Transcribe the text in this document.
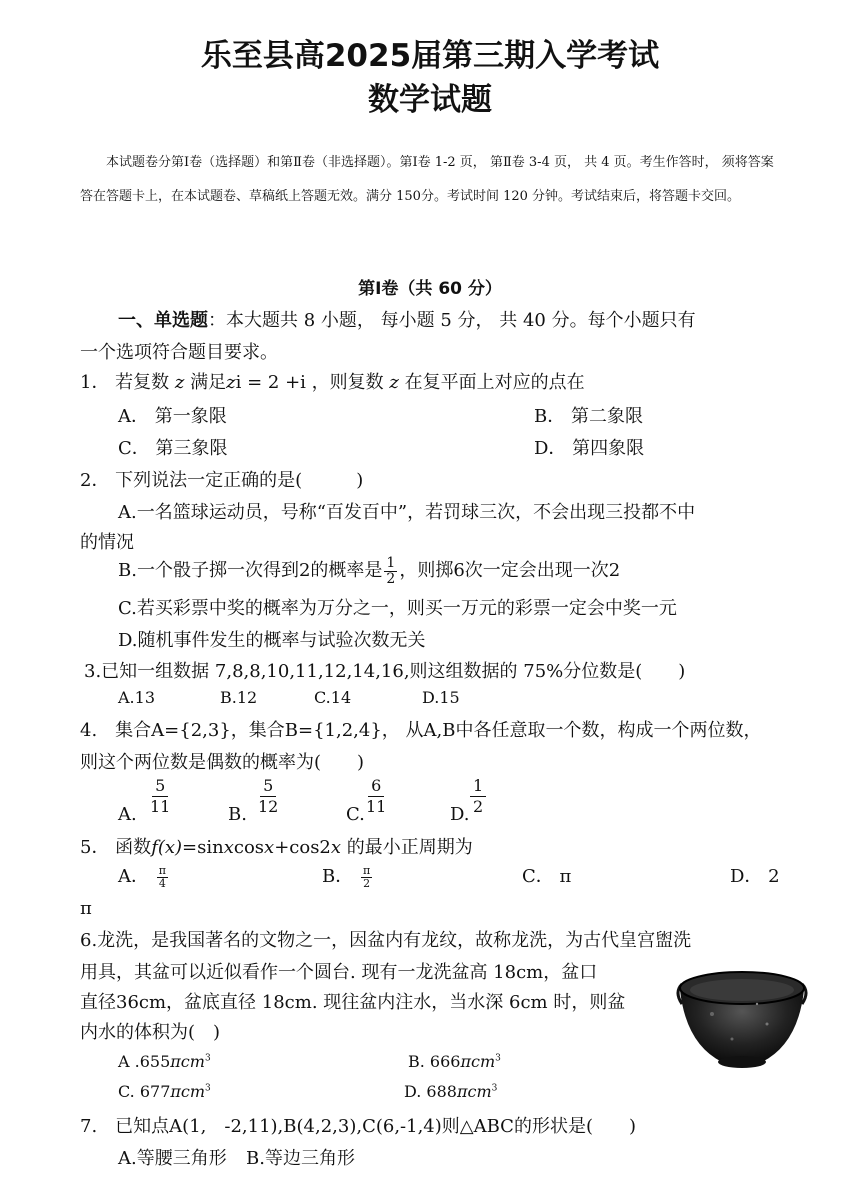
乐至县高2025届第三期入学考试
数学试题
本试题卷分第Ⅰ卷（选择题）和第Ⅱ卷（非选择题）。第Ⅰ卷 1-2 页， 第Ⅱ卷 3-4 页， 共 4 页。考生作答时， 须将答案答在答题卡上，在本试题卷、草稿纸上答题无效。满分 150分。考试时间 120 分钟。考试结束后，将答题卡交回。
第Ⅰ卷（共 60 分）
一、单选题：本大题共 8 小题， 每小题 5 分， 共 40 分。每个小题只有
一个选项符合题目要求。
1． 若复数 z 满足zi = 2 +i ，则复数 z 在复平面上对应的点在
A． 第一象限	B． 第二象限
C． 第三象限	D． 第四象限
2． 下列说法一定正确的是(　　　)
A.一名篮球运动员，号称“百发百中”，若罚球三次，不会出现三投都不中
的情况
B.一个骰子掷一次得到2的概率是 $\frac{1}{2}$ ，则掷6次一定会出现一次2
C.若买彩票中奖的概率为万分之一，则买一万元的彩票一定会中奖一元
D.随机事件发生的概率与试验次数无关
3.已知一组数据 7,8,8,10,11,12,14,16,则这组数据的 75%分位数是(　　)
A.13	B.12	C.14	D.15
4.　集合A={2,3}，集合B={1,2,4}， 从A,B中各任意取一个数，构成一个两位数，
则这个两位数是偶数的概率为(　　)
A.
5
11	B.
5
12	C.
6
11	D.
1
2
5． 函数f(x)=sinxcosx+cos2x 的最小正周期为
A． $\frac{\pi}{4}$	B． $\frac{\pi}{2}$	C． π	D． 2
π
6.龙洗，是我国著名的文物之一，因盆内有龙纹，故称龙洗，为古代皇宫盥洗
用具，其盆可以近似看作一个圆台. 现有一龙洗盆高 18cm，盆口
直径36cm，盆底直径 18cm. 现往盆内注水，当水深 6cm 时，则盆
内水的体积为(　)
A .655πcm$^3$	B. 666πcm$^3$
C. 677πcm$^3$	D. 688πcm$^3$
7.　已知点A(1,　-2,11),B(4,2,3),C(6,-1,4)则△ABC的形状是(　　)
A.等腰三角形 B.等边三角形
